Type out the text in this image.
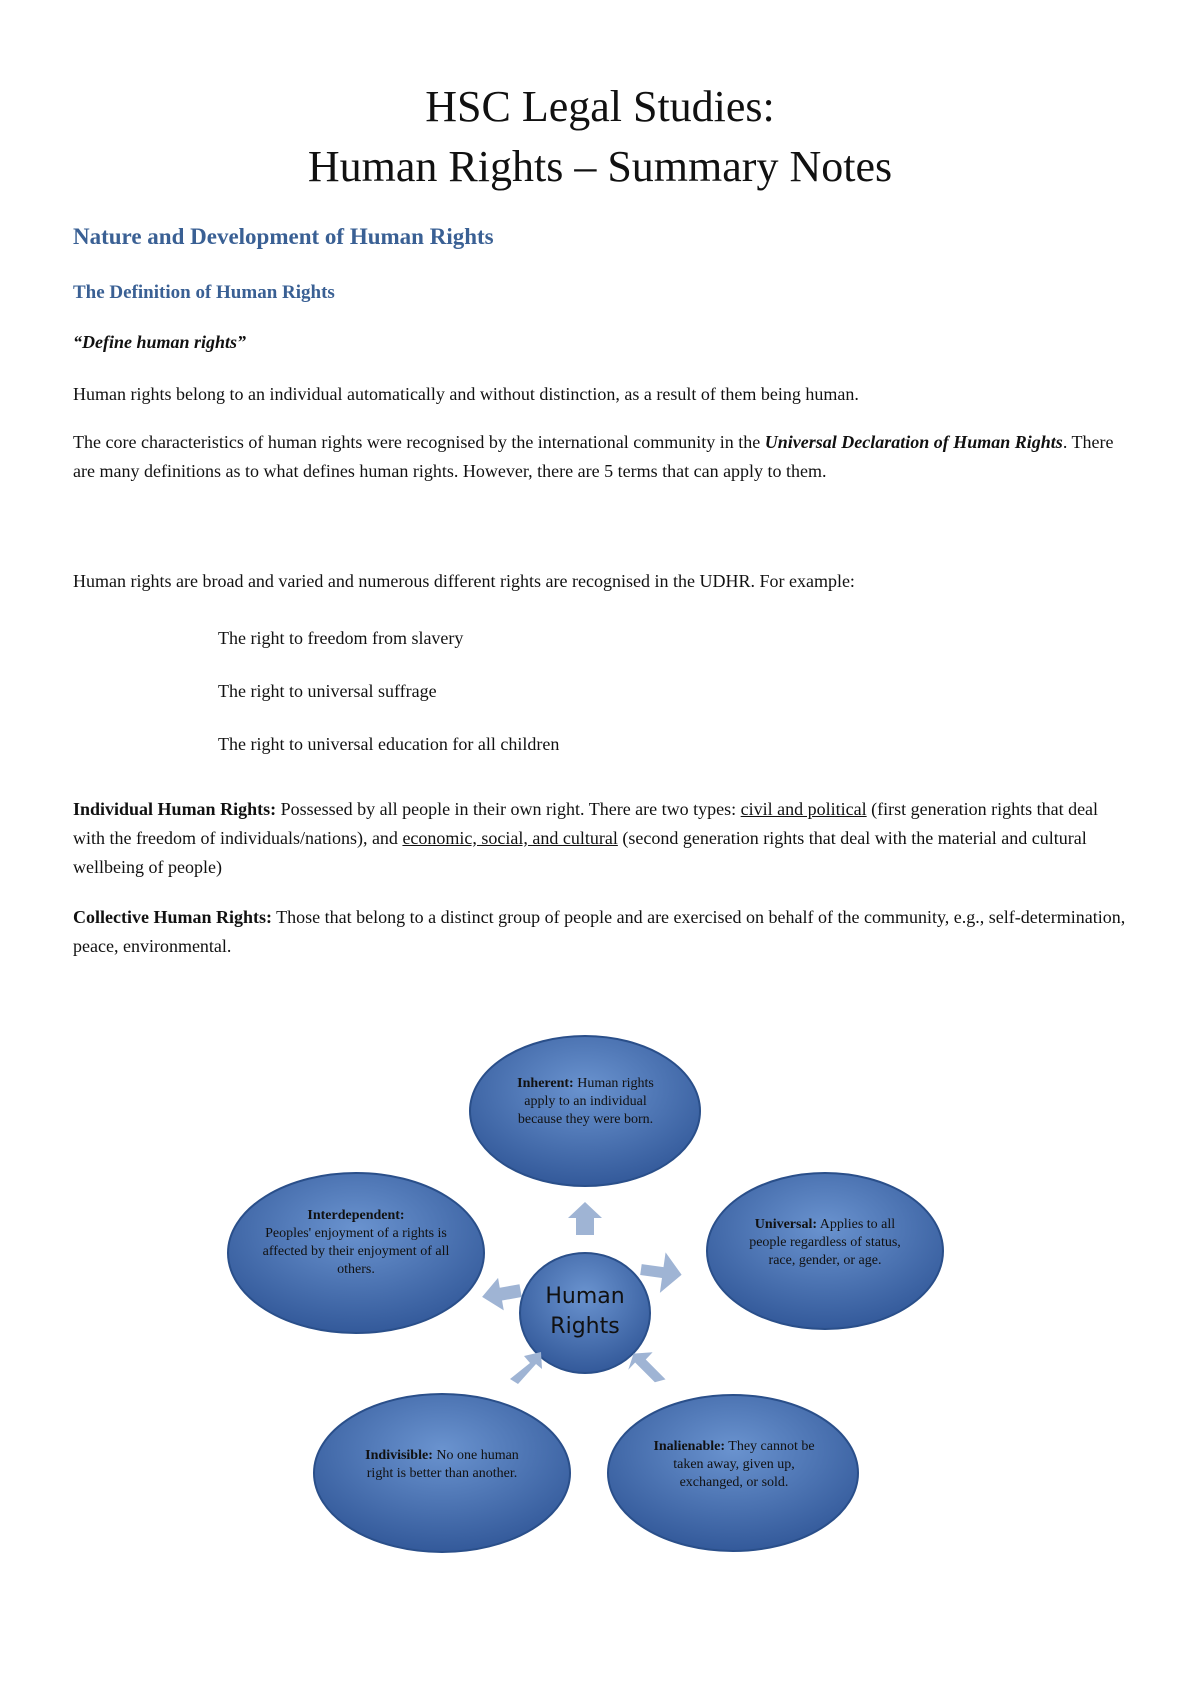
HSC Legal Studies:
Human Rights – Summary Notes
Nature and Development of Human Rights
The Definition of Human Rights
“Define human rights”
Human rights belong to an individual automatically and without distinction, as a result of them being human.
The core characteristics of human rights were recognised by the international community in the Universal Declaration of Human Rights. There are many definitions as to what defines human rights. However, there are 5 terms that can apply to them.
Human rights are broad and varied and numerous different rights are recognised in the UDHR. For example:
The right to freedom from slavery
The right to universal suffrage
The right to universal education for all children
Individual Human Rights: Possessed by all people in their own right. There are two types: civil and political (first generation rights that deal with the freedom of individuals/nations), and economic, social, and cultural (second generation rights that deal with the material and cultural wellbeing of people)
Collective Human Rights: Those that belong to a distinct group of people and are exercised on behalf of the community, e.g., self-determination, peace, environmental.
Human
Rights
Inherent: Human rights apply to an individual because they were born.
Universal: Applies to all people regardless of status, race, gender, or age.
Inalienable: They cannot be taken away, given up, exchanged, or sold.
Indivisible: No one human right is better than another.
Interdependent:
Peoples' enjoyment of a rights is affected by their enjoyment of all others.
